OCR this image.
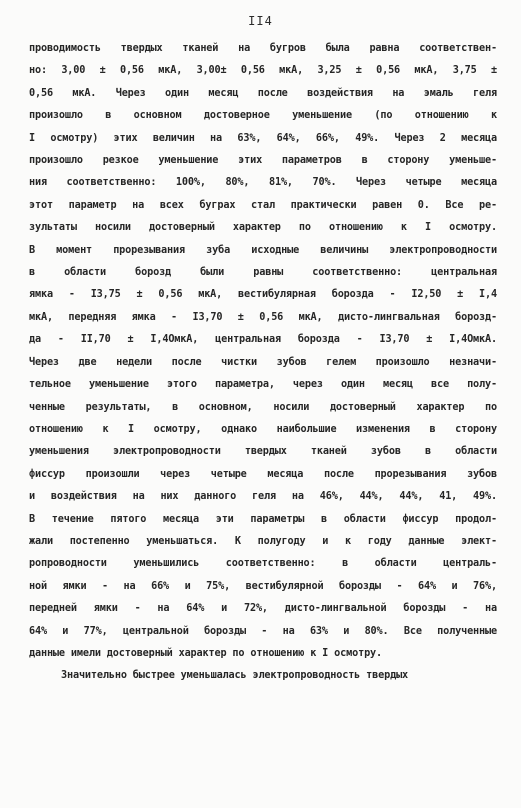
II4
проводимость твердых тканей на бугров была равна соответствен-
но: 3,00 ± 0,56 мкА, 3,00± 0,56 мкА, 3,25 ± 0,56 мкА, 3,75 ±
0,56 мкА. Через один месяц после воздействия на эмаль геля
произошло в основном достоверное уменьшение (по отношению к
I осмотру) этих величин на 63%, 64%, 66%, 49%. Через 2 месяца
произошло резкое уменьшение этих параметров в сторону уменьше-
ния соответственно: 100%, 80%, 81%, 70%. Через четыре месяца
этот параметр на всех буграх стал практически равен 0. Все ре-
зультаты носили достоверный характер по отношению к I осмотру.
В момент прорезывания зуба исходные величины электропроводности
в области борозд были равны соответственно: центральная
ямка - I3,75 ± 0,56 мкА, вестибулярная борозда - I2,50 ± I,4
мкА, передняя ямка - I3,70 ± 0,56 мкА, дисто-лингвальная борозд-
да - II,70 ± I,4ОмкА, центральная борозда - I3,70 ± I,4ОмкА.
Через две недели после чистки зубов гелем произошло незначи-
тельное уменьшение этого параметра, через один месяц все полу-
ченные результаты, в основном, носили достоверный характер по
отношению к I осмотру, однако наибольшие изменения в сторону
уменьшения электропроводности твердых тканей зубов в области
фиссур произошли через четыре месяца после прорезывания зубов
и воздействия на них данного геля на 46%, 44%, 44%, 41, 49%.
В течение пятого месяца эти параметры в области фиссур продол-
жали постепенно уменьшаться. К полугоду и к году данные элект-
ропроводности уменьшились соответственно: в области централь-
ной ямки - на 66% и 75%, вестибулярной борозды - 64% и 76%,
передней ямки - на 64% и 72%, дисто-лингвальной борозды - на
64% и 77%, центральной борозды - на 63% и 80%. Все полученные
данные имели достоверный характер по отношению к I осмотру.
Значительно быстрее уменьшалась электропроводность твердых
